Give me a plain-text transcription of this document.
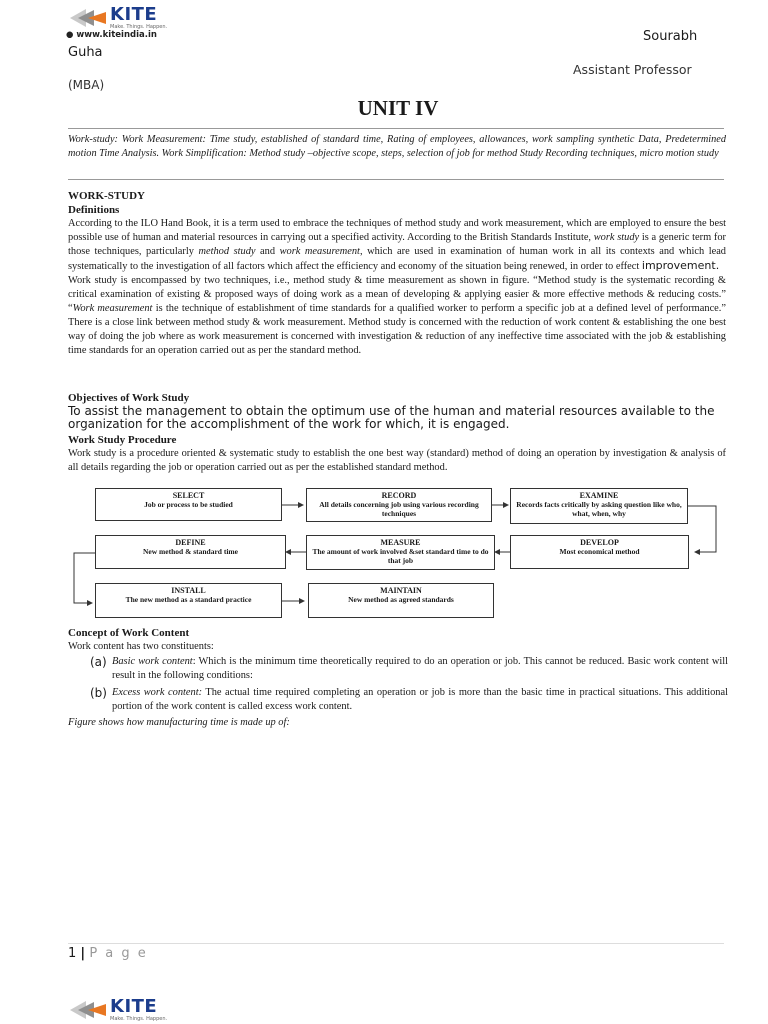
KITE
Make. Things. Happen.
● www.kiteindia.in	Sourabh
Guha
Assistant Professor
(MBA)
UNIT IV
Work-study: Work Measurement: Time study, established of standard time, Rating of employees, allowances, work sampling synthetic Data, Predetermined motion Time Analysis. Work Simplification: Method study –objective scope, steps, selection of job for method Study Recording techniques, micro motion study
WORK-STUDY
Definitions
According to the ILO Hand Book, it is a term used to embrace the techniques of method study and work measurement, which are employed to ensure the best possible use of human and material resources in carrying out a specified activity. According to the British Standards Institute, work study is a generic term for those techniques, particularly method study and work measurement, which are used in examination of human work in all its contexts and which lead systematically to the investigation of all factors which affect the efficiency and economy of the situation being renewed, in order to effect improvement.
Work study is encompassed by two techniques, i.e., method study & time measurement as shown in figure. “Method study is the systematic recording & critical examination of existing & proposed ways of doing work as a mean of developing & applying easier & more effective methods & reducing costs.” “Work measurement is the technique of establishment of time standards for a qualified worker to perform a specific job at a defined level of performance.” There is a close link between method study & work measurement. Method study is concerned with the reduction of work content & establishing the one best way of doing the job where as work measurement is concerned with investigation & reduction of any ineffective time associated with the job & establishing time standards for an operation carried out as per the standard method.
Objectives of Work Study
To assist the management to obtain the optimum use of the human and material resources available to the organization for the accomplishment of the work for which, it is engaged.
Work Study Procedure
Work study is a procedure oriented & systematic study to establish the one best way (standard) method of doing an operation by investigation & analysis of all details regarding the job or operation carried out as per the established standard method.
SELECT
Job or process to be studied
RECORD
All details concerning job using various recording techniques
EXAMINE
Records facts critically by asking question like who, what, when, why
DEFINE
New method & standard time
MEASURE
The amount of work involved &set standard time to do that job
DEVELOP
Most economical method
INSTALL
The new method as a standard practice
MAINTAIN
New method as agreed standards
Concept of Work Content
Work content has two constituents:
(a) Basic work content: Which is the minimum time theoretically required to do an operation or job. This cannot be reduced. Basic work content will result in the following conditions:
(b) Excess work content: The actual time required completing an operation or job is more than the basic time in practical situations. This additional portion of the work content is called excess work content.
Figure shows how manufacturing time is made up of:
1 | P a g e
KITE
Make. Things. Happen.
